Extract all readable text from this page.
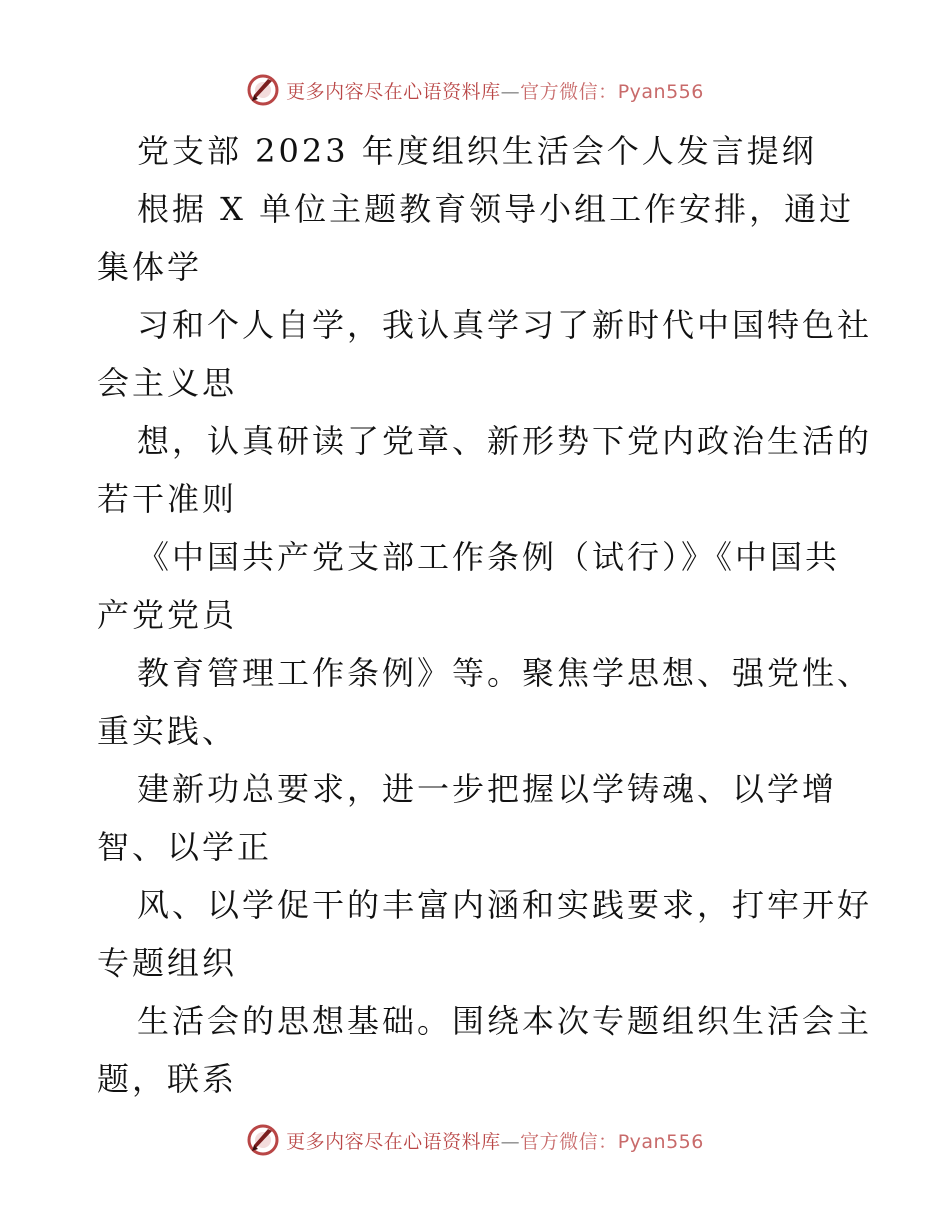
更多内容尽在心语资料库—官方微信：Pyan556
党支部 2023 年度组织生活会个人发言提纲
根据 X 单位主题教育领导小组工作安排，通过
集体学
习和个人自学，我认真学习了新时代中国特色社
会主义思
想，认真研读了党章、新形势下党内政治生活的
若干准则
《中国共产党支部工作条例（试行）》《中国共
产党党员
教育管理工作条例》等。聚焦学思想、强党性、
重实践、
建新功总要求，进一步把握以学铸魂、以学增
智、以学正
风、以学促干的丰富内涵和实践要求，打牢开好
专题组织
生活会的思想基础。围绕本次专题组织生活会主
题，联系
更多内容尽在心语资料库—官方微信：Pyan556
